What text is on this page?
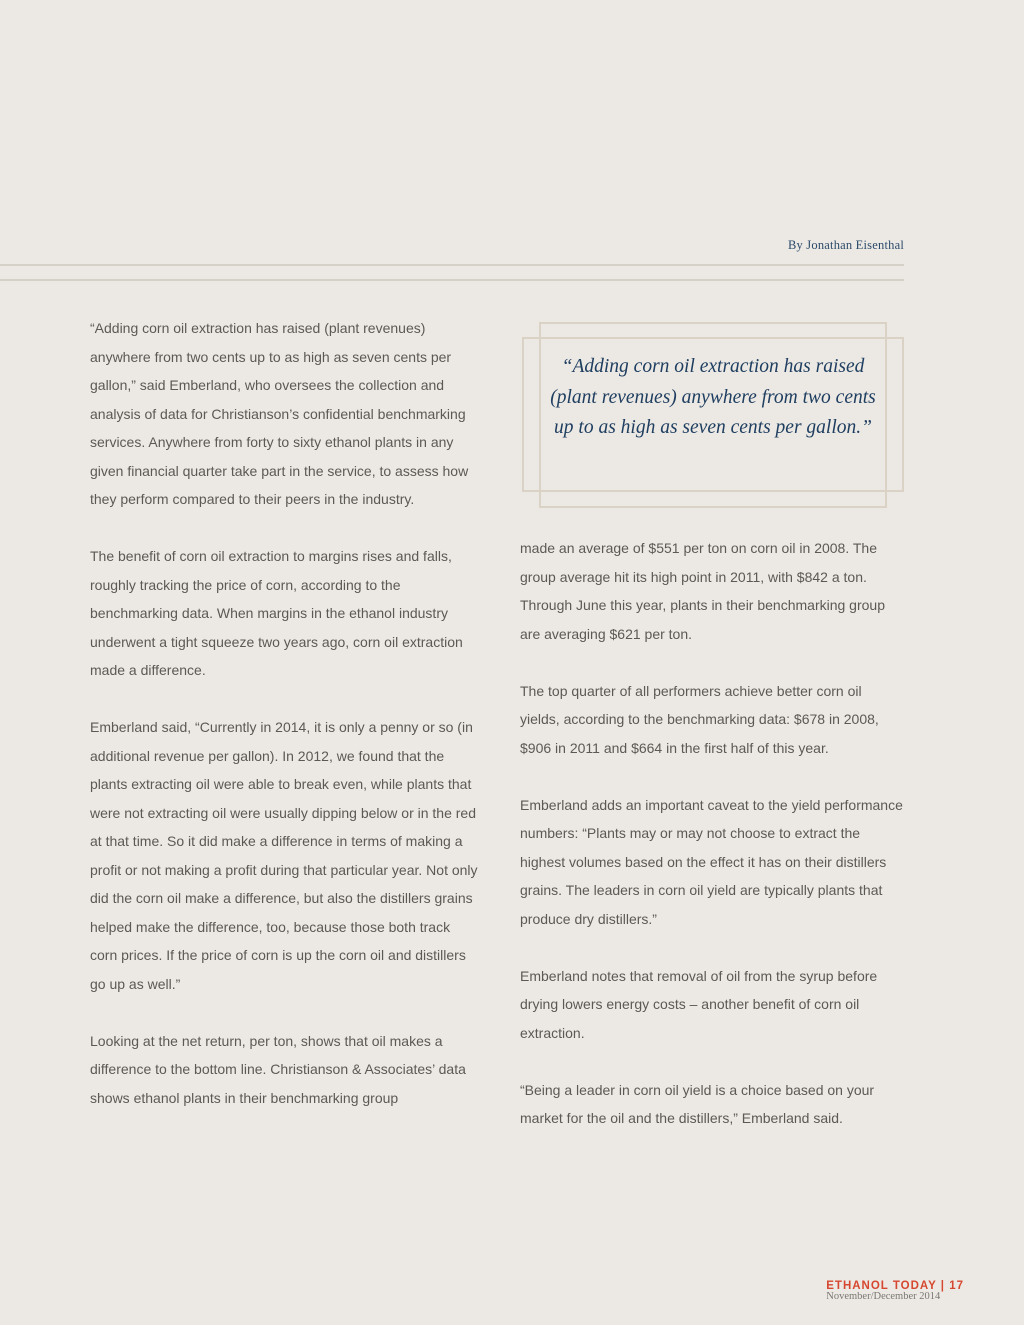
By Jonathan Eisenthal

“Adding corn oil extraction has raised (plant revenues) anywhere from two cents up to as high as seven cents per gallon,” said Emberland, who oversees the collection and analysis of data for Christianson’s confidential benchmarking services. Anywhere from forty to sixty ethanol plants in any given financial quarter take part in the service, to assess how they perform compared to their peers in the industry.

The benefit of corn oil extraction to margins rises and falls, roughly tracking the price of corn, according to the benchmarking data. When margins in the ethanol industry underwent a tight squeeze two years ago, corn oil extraction made a difference.

Emberland said, “Currently in 2014, it is only a penny or so (in additional revenue per gallon). In 2012, we found that the plants extracting oil were able to break even, while plants that were not extracting oil were usually dipping below or in the red at that time. So it did make a difference in terms of making a profit or not making a profit during that particular year. Not only did the corn oil make a difference, but also the distillers grains helped make the difference, too, because those both track corn prices. If the price of corn is up the corn oil and distillers go up as well.”

Looking at the net return, per ton, shows that oil makes a difference to the bottom line. Christianson & Associates’ data shows ethanol plants in their benchmarking group

“Adding corn oil extraction has raised (plant revenues) anywhere from two cents up to as high as seven cents per gallon.”

made an average of $551 per ton on corn oil in 2008. The group average hit its high point in 2011, with $842 a ton. Through June this year, plants in their benchmarking group are averaging $621 per ton.

The top quarter of all performers achieve better corn oil yields, according to the benchmarking data: $678 in 2008, $906 in 2011 and $664 in the first half of this year.

Emberland adds an important caveat to the yield performance numbers: “Plants may or may not choose to extract the highest volumes based on the effect it has on their distillers grains. The leaders in corn oil yield are typically plants that produce dry distillers.”

Emberland notes that removal of oil from the syrup before drying lowers energy costs – another benefit of corn oil extraction.

“Being a leader in corn oil yield is a choice based on your market for the oil and the distillers,” Emberland said.

ETHANOL TODAY | 17
November/December 2014
